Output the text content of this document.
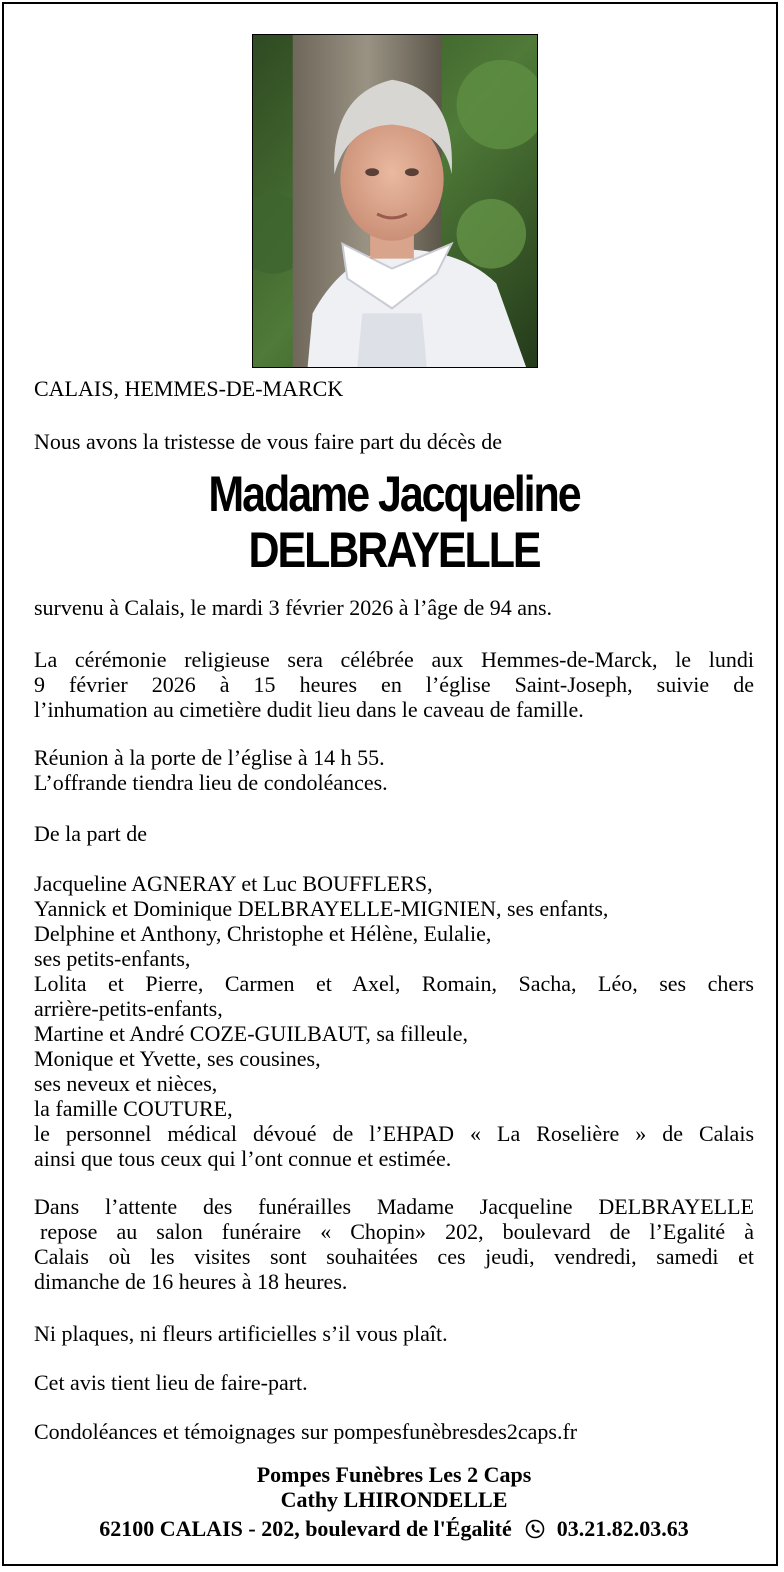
CALAIS, HEMMES-DE-MARCK
Nous avons la tristesse de vous faire part du décès de
Madame Jacqueline
DELBRAYELLE
survenu à Calais, le mardi 3 février 2026 à l’âge de 94 ans.
La cérémonie religieuse sera célébrée aux Hemmes-de-Marck, le lundi
9 février 2026 à 15 heures en l’église Saint-Joseph, suivie de
l’inhumation au cimetière dudit lieu dans le caveau de famille.
Réunion à la porte de l’église à 14 h 55.
L’offrande tiendra lieu de condoléances.
De la part de
Jacqueline AGNERAY et Luc BOUFFLERS,
Yannick et Dominique DELBRAYELLE-MIGNIEN, ses enfants,
Delphine et Anthony, Christophe et Hélène, Eulalie,
ses petits-enfants,
Lolita et Pierre, Carmen et Axel, Romain, Sacha, Léo, ses chers
arrière-petits-enfants,
Martine et André COZE-GUILBAUT, sa filleule,
Monique et Yvette, ses cousines,
ses neveux et nièces,
la famille COUTURE,
le personnel médical dévoué de l’EHPAD « La Roselière » de Calais
ainsi que tous ceux qui l’ont connue et estimée.
Dans l’attente des funérailles Madame Jacqueline DELBRAYELLE
repose au salon funéraire « Chopin» 202, boulevard de l’Egalité à
Calais où les visites sont souhaitées ces jeudi, vendredi, samedi et
dimanche de 16 heures à 18 heures.
Ni plaques, ni fleurs artificielles s’il vous plaît.
Cet avis tient lieu de faire-part.
Condoléances et témoignages sur pompesfunèbresdes2caps.fr
Pompes Funèbres Les 2 Caps
Cathy LHIRONDELLE
62100 CALAIS - 202, boulevard de l'Égalité 03.21.82.03.63
